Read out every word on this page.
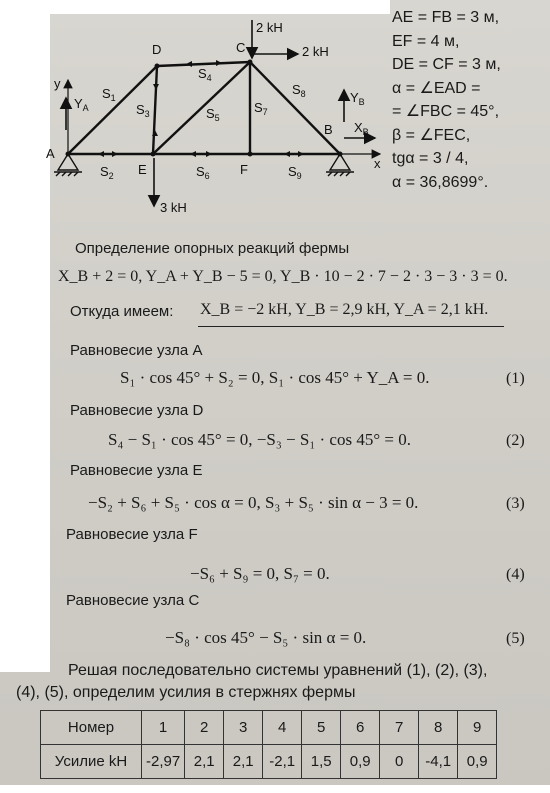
A
B
C
D
E	F	x
y
2 kH
2 kH
3 kH
$Y_A$
$Y_B$
$X_B$
$S_1$
$S_2$
$S_3$
$S_4$
$S_5$
$S_6$
$S_7$
$S_8$
$S_9$
AE = FB = 3 м,
EF = 4 м,
DE = CF = 3 м,
α = ∠EAD =
= ∠FBC = 45°,
β = ∠FEC,
tgα = 3 / 4,
α = 36,8699°.
Определение опорных реакций фермы
X_B + 2 = 0, Y_A + Y_B − 5 = 0, Y_B · 10 − 2 · 7 − 2 · 3 − 3 · 3 = 0.
Откуда имеем: X_B = −2 kH, Y_B = 2,9 kH, Y_A = 2,1 kH.
Равновесие узла A
S₁ · cos 45° + S₂ = 0, S₁ · cos 45° + Y_A = 0.	(1)
Равновесие узла D
S₄ − S₁ · cos 45° = 0, −S₃ − S₁ · cos 45° = 0.	(2)
Равновесие узла E
−S₂ + S₆ + S₅ · cos α = 0, S₃ + S₅ · sin α − 3 = 0.	(3)
Равновесие узла F
−S₆ + S₉ = 0, S₇ = 0.	(4)
Равновесие узла C
−S₈ · cos 45° − S₅ · sin α = 0.	(5)
Решая последовательно системы уравнений (1), (2), (3),
(4), (5), определим усилия в стержнях фермы
Номер	1	2	3	4	5	6	7	8	9
Усилие kH	-2,97	2,1	2,1	-2,1	1,5	0,9	0	-4,1	0,9
